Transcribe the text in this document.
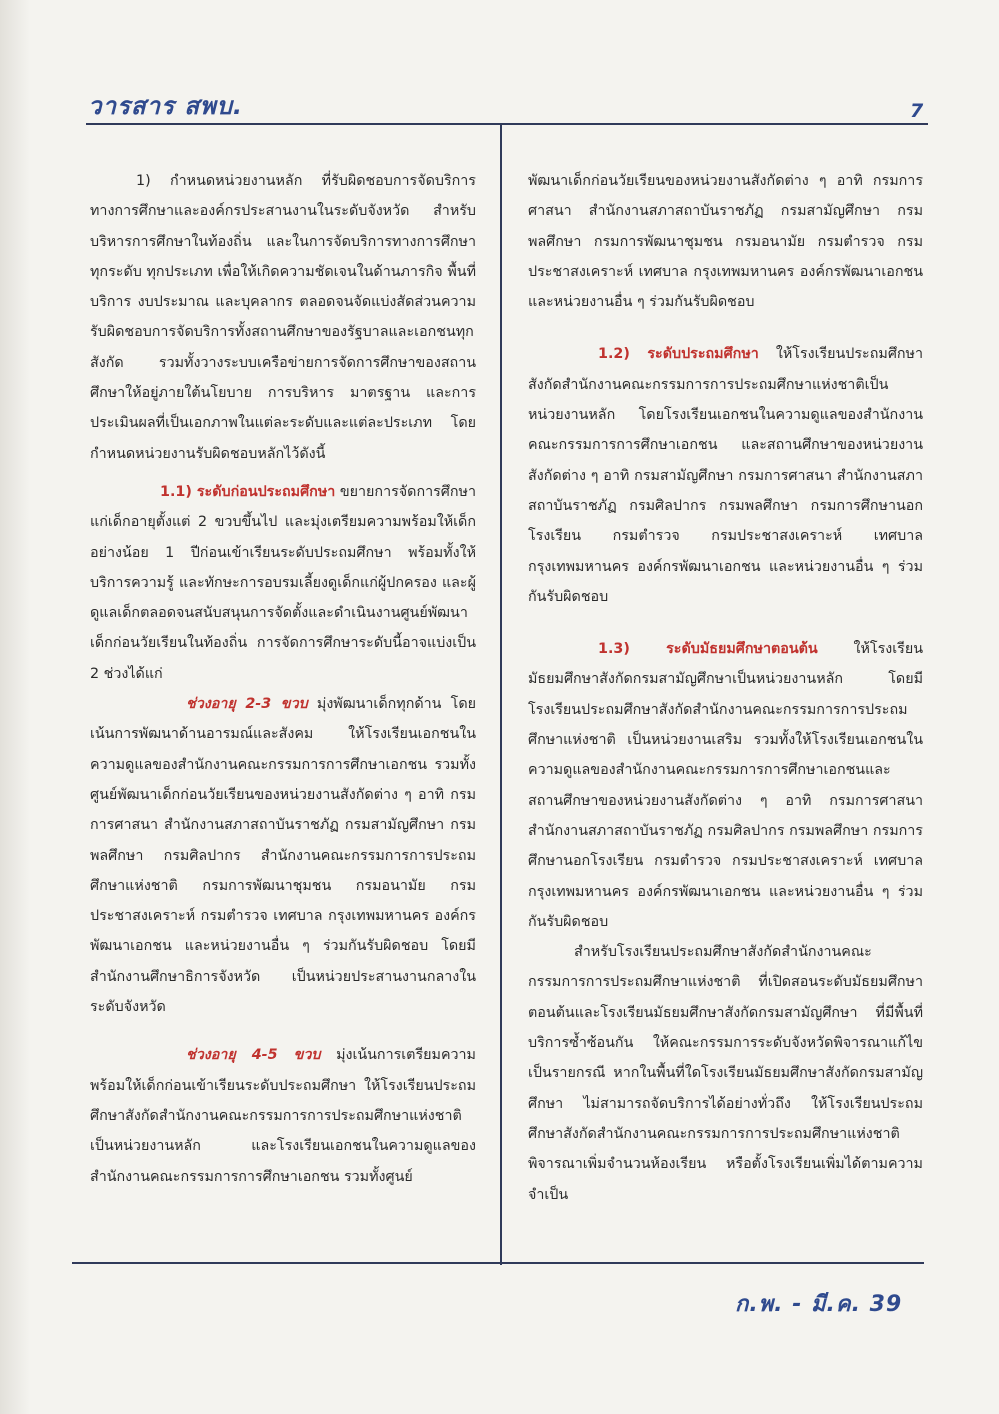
วารสาร สพบ.	7

1) กำหนดหน่วยงานหลัก ที่รับผิดชอบการจัดบริการทางการศึกษาและองค์กรประสานงานในระดับจังหวัด สำหรับบริหารการศึกษาในท้องถิ่น และในการจัดบริการทางการศึกษาทุกระดับ ทุกประเภท เพื่อให้เกิดความชัดเจนในด้านภารกิจ พื้นที่บริการ งบประมาณ และบุคลากร ตลอดจนจัดแบ่งสัดส่วนความรับผิดชอบการจัดบริการทั้งสถานศึกษาของรัฐบาลและเอกชนทุกสังกัด รวมทั้งวางระบบเครือข่ายการจัดการศึกษาของสถานศึกษาให้อยู่ภายใต้นโยบาย การบริหาร มาตรฐาน และการประเมินผลที่เป็นเอกภาพในแต่ละระดับและแต่ละประเภท โดยกำหนดหน่วยงานรับผิดชอบหลักไว้ดังนี้

1.1) ระดับก่อนประถมศึกษา ขยายการจัดการศึกษาแก่เด็กอายุตั้งแต่ 2 ขวบขึ้นไป และมุ่งเตรียมความพร้อมให้เด็กอย่างน้อย 1 ปีก่อนเข้าเรียนระดับประถมศึกษา พร้อมทั้งให้บริการความรู้ และทักษะการอบรมเลี้ยงดูเด็กแก่ผู้ปกครอง และผู้ดูแลเด็กตลอดจนสนับสนุนการจัดตั้งและดำเนินงานศูนย์พัฒนาเด็กก่อนวัยเรียนในท้องถิ่น การจัดการศึกษาระดับนี้อาจแบ่งเป็น 2 ช่วงได้แก่

ช่วงอายุ 2-3 ขวบ มุ่งพัฒนาเด็กทุกด้าน โดยเน้นการพัฒนาด้านอารมณ์และสังคม ให้โรงเรียนเอกชนในความดูแลของสำนักงานคณะกรรมการการศึกษาเอกชน รวมทั้งศูนย์พัฒนาเด็กก่อนวัยเรียนของหน่วยงานสังกัดต่าง ๆ อาทิ กรมการศาสนา สำนักงานสภาสถาบันราชภัฏ กรมสามัญศึกษา กรมพลศึกษา กรมศิลปากร สำนักงานคณะกรรมการการประถมศึกษาแห่งชาติ กรมการพัฒนาชุมชน กรมอนามัย กรมประชาสงเคราะห์ กรมตำรวจ เทศบาล กรุงเทพมหานคร องค์กรพัฒนาเอกชน และหน่วยงานอื่น ๆ ร่วมกันรับผิดชอบ โดยมีสำนักงานศึกษาธิการจังหวัด เป็นหน่วยประสานงานกลางในระดับจังหวัด

ช่วงอายุ 4-5 ขวบ มุ่งเน้นการเตรียมความพร้อมให้เด็กก่อนเข้าเรียนระดับประถมศึกษา ให้โรงเรียนประถมศึกษาสังกัดสำนักงานคณะกรรมการการประถมศึกษาแห่งชาติเป็นหน่วยงานหลัก และโรงเรียนเอกชนในความดูแลของสำนักงานคณะกรรมการการศึกษาเอกชน รวมทั้งศูนย์

พัฒนาเด็กก่อนวัยเรียนของหน่วยงานสังกัดต่าง ๆ อาทิ กรมการศาสนา สำนักงานสภาสถาบันราชภัฏ กรมสามัญศึกษา กรมพลศึกษา กรมการพัฒนาชุมชน กรมอนามัย กรมตำรวจ กรมประชาสงเคราะห์ เทศบาล กรุงเทพมหานคร องค์กรพัฒนาเอกชน และหน่วยงานอื่น ๆ ร่วมกันรับผิดชอบ

1.2) ระดับประถมศึกษา ให้โรงเรียนประถมศึกษาสังกัดสำนักงานคณะกรรมการการประถมศึกษาแห่งชาติเป็นหน่วยงานหลัก โดยโรงเรียนเอกชนในความดูแลของสำนักงานคณะกรรมการการศึกษาเอกชน และสถานศึกษาของหน่วยงานสังกัดต่าง ๆ อาทิ กรมสามัญศึกษา กรมการศาสนา สำนักงานสภาสถาบันราชภัฏ กรมศิลปากร กรมพลศึกษา กรมการศึกษานอกโรงเรียน กรมตำรวจ กรมประชาสงเคราะห์ เทศบาลกรุงเทพมหานคร องค์กรพัฒนาเอกชน และหน่วยงานอื่น ๆ ร่วมกันรับผิดชอบ

1.3) ระดับมัธยมศึกษาตอนต้น ให้โรงเรียนมัธยมศึกษาสังกัดกรมสามัญศึกษาเป็นหน่วยงานหลัก โดยมีโรงเรียนประถมศึกษาสังกัดสำนักงานคณะกรรมการการประถมศึกษาแห่งชาติ เป็นหน่วยงานเสริม รวมทั้งให้โรงเรียนเอกชนในความดูแลของสำนักงานคณะกรรมการการศึกษาเอกชนและสถานศึกษาของหน่วยงานสังกัดต่าง ๆ อาทิ กรมการศาสนา สำนักงานสภาสถาบันราชภัฏ กรมศิลปากร กรมพลศึกษา กรมการศึกษานอกโรงเรียน กรมตำรวจ กรมประชาสงเคราะห์ เทศบาล กรุงเทพมหานคร องค์กรพัฒนาเอกชน และหน่วยงานอื่น ๆ ร่วมกันรับผิดชอบ

สำหรับโรงเรียนประถมศึกษาสังกัดสำนักงานคณะกรรมการการประถมศึกษาแห่งชาติ ที่เปิดสอนระดับมัธยมศึกษาตอนต้นและโรงเรียนมัธยมศึกษาสังกัดกรมสามัญศึกษา ที่มีพื้นที่บริการซ้ำซ้อนกัน ให้คณะกรรมการระดับจังหวัดพิจารณาแก้ไขเป็นรายกรณี หากในพื้นที่ใดโรงเรียนมัธยมศึกษาสังกัดกรมสามัญศึกษา ไม่สามารถจัดบริการได้อย่างทั่วถึง ให้โรงเรียนประถมศึกษาสังกัดสำนักงานคณะกรรมการการประถมศึกษาแห่งชาติ พิจารณาเพิ่มจำนวนห้องเรียน หรือตั้งโรงเรียนเพิ่มได้ตามความจำเป็น

ก.พ. - มี.ค. 39
